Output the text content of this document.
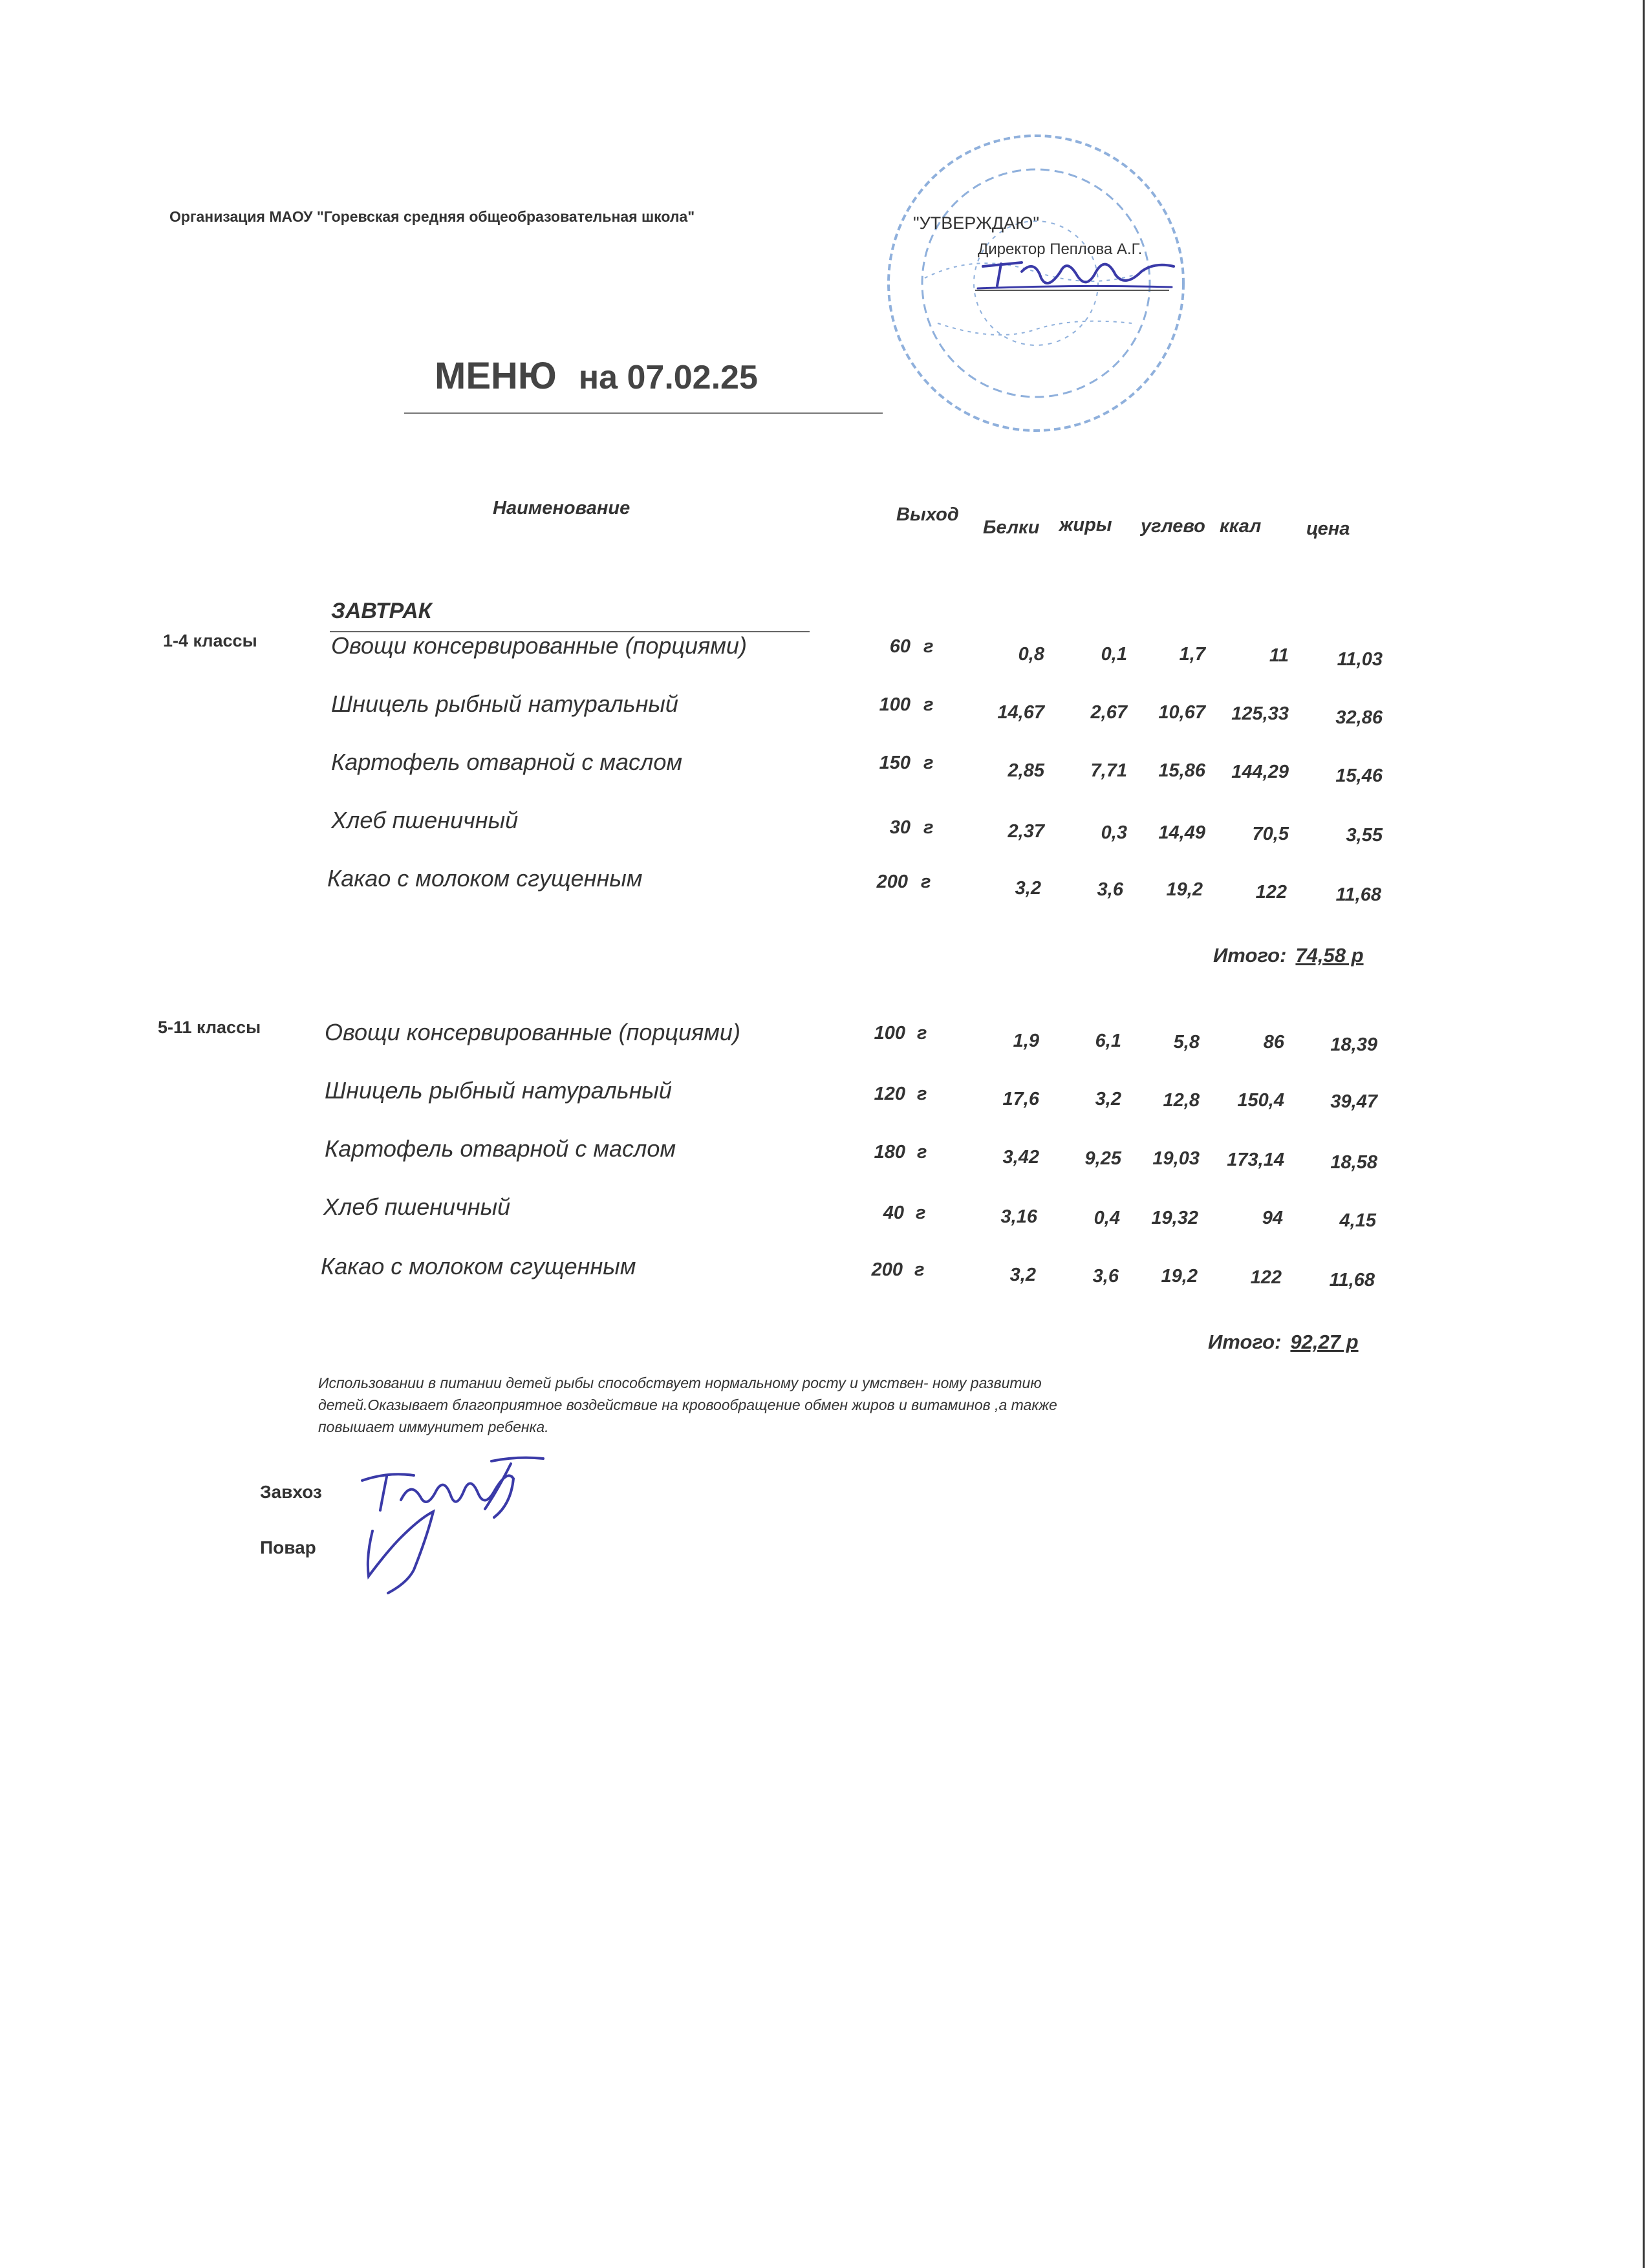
Организация МАОУ "Горевская средняя общеобразовательная школа"	"УТВЕРЖДАЮ"
Директор Пеплова А.Г.
МЕНЮ на 07.02.25
Наименование	Выход
Белки жиры углево ккал цена
ЗАВТРАК
1-4 классы	Овощи консервированные (порциями)	60 г	0,8	0,1	1,7	11	11,03
Шницель рыбный натуральный	100 г	14,67 2,67 10,67 125,33 32,86
Картофель отварной с маслом	150 г	2,85 7,71 15,86 144,29 15,46
Хлеб пшеничный	30 г	2,37	0,3 14,49	70,5	3,55
Какао с молоком сгущенным	200 г	3,2	3,6 19,2	122	11,68
Итого: 74,58 р
5-11 классы	Овощи консервированные (порциями)	100 г	1,9	6,1	5,8	86 18,39
Шницель рыбный натуральный	120 г	17,6	3,2 12,8 150,4 39,47
Картофель отварной с маслом	180 г	3,42 9,25 19,03 173,14 18,58
Хлеб пшеничный	40 г	3,16	0,4 19,32	94	4,15
Какао с молоком сгущенным	200 г	3,2	3,6 19,2	122	11,68
Итого: 92,27 р
Использовании в питании детей рыбы способствует нормальному росту и умствен- ному развитию детей.Оказывает благоприятное воздействие на кровообращение обмен жиров и витаминов ,а также повышает иммунитет ребенка.
Завхоз
Повар
